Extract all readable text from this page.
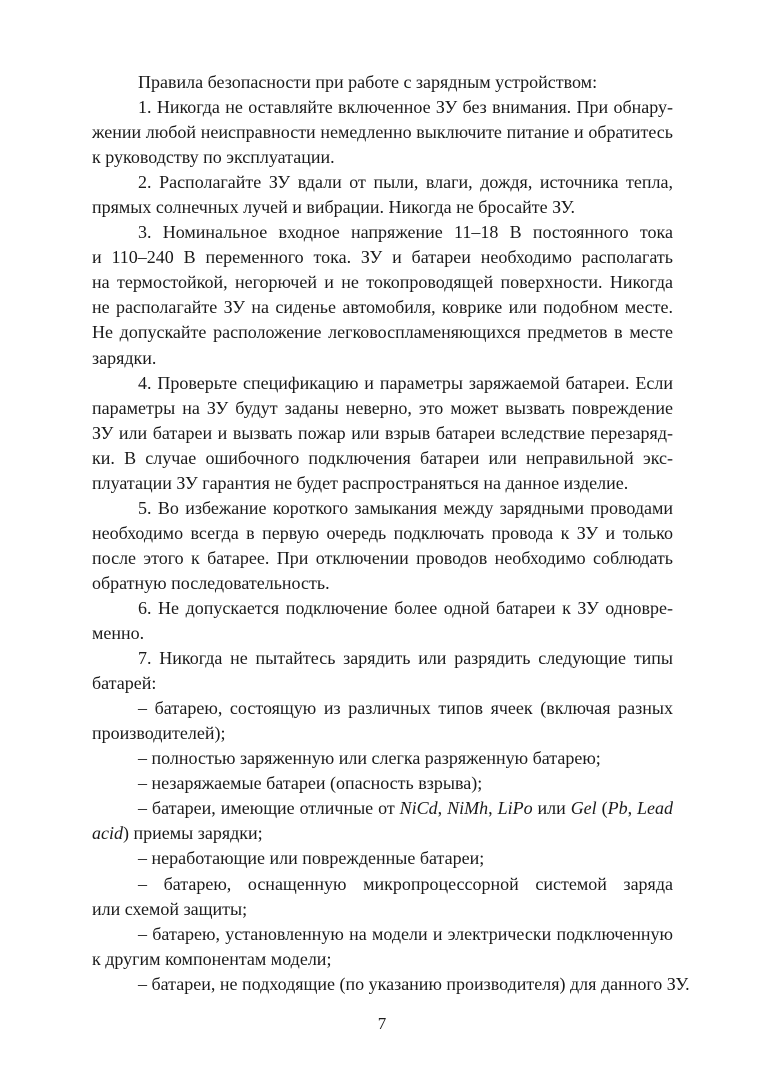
Правила безопасности при работе с зарядным устройством:
1. Никогда не оставляйте включенное ЗУ без внимания. При обнару-
жении любой неисправности немедленно выключите питание и обратитесь
к руководству по эксплуатации.
2. Располагайте ЗУ вдали от пыли, влаги, дождя, источника тепла,
прямых солнечных лучей и вибрации. Никогда не бросайте ЗУ.
3. Номинальное входное напряжение 11–18 В постоянного тока
и 110–240 В переменного тока. ЗУ и батареи необходимо располагать
на термостойкой, негорючей и не токопроводящей поверхности. Никогда
не располагайте ЗУ на сиденье автомобиля, коврике или подобном месте.
Не допускайте расположение легковоспламеняющихся предметов в месте
зарядки.
4. Проверьте спецификацию и параметры заряжаемой батареи. Если
параметры на ЗУ будут заданы неверно, это может вызвать повреждение
ЗУ или батареи и вызвать пожар или взрыв батареи вследствие перезаряд-
ки. В случае ошибочного подключения батареи или неправильной экс-
плуатации ЗУ гарантия не будет распространяться на данное изделие.
5. Во избежание короткого замыкания между зарядными проводами
необходимо всегда в первую очередь подключать провода к ЗУ и только
после этого к батарее. При отключении проводов необходимо соблюдать
обратную последовательность.
6. Не допускается подключение более одной батареи к ЗУ одновре-
менно.
7. Никогда не пытайтесь зарядить или разрядить следующие типы
батарей:
– батарею, состоящую из различных типов ячеек (включая разных
производителей);
– полностью заряженную или слегка разряженную батарею;
– незаряжаемые батареи (опасность взрыва);
– батареи, имеющие отличные от NiCd, NiMh, LiPo или Gel (Pb, Lead
acid) приемы зарядки;
– неработающие или поврежденные батареи;
– батарею, оснащенную микропроцессорной системой заряда
или схемой защиты;
– батарею, установленную на модели и электрически подключенную
к другим компонентам модели;
– батареи, не подходящие (по указанию производителя) для данного ЗУ.
7
